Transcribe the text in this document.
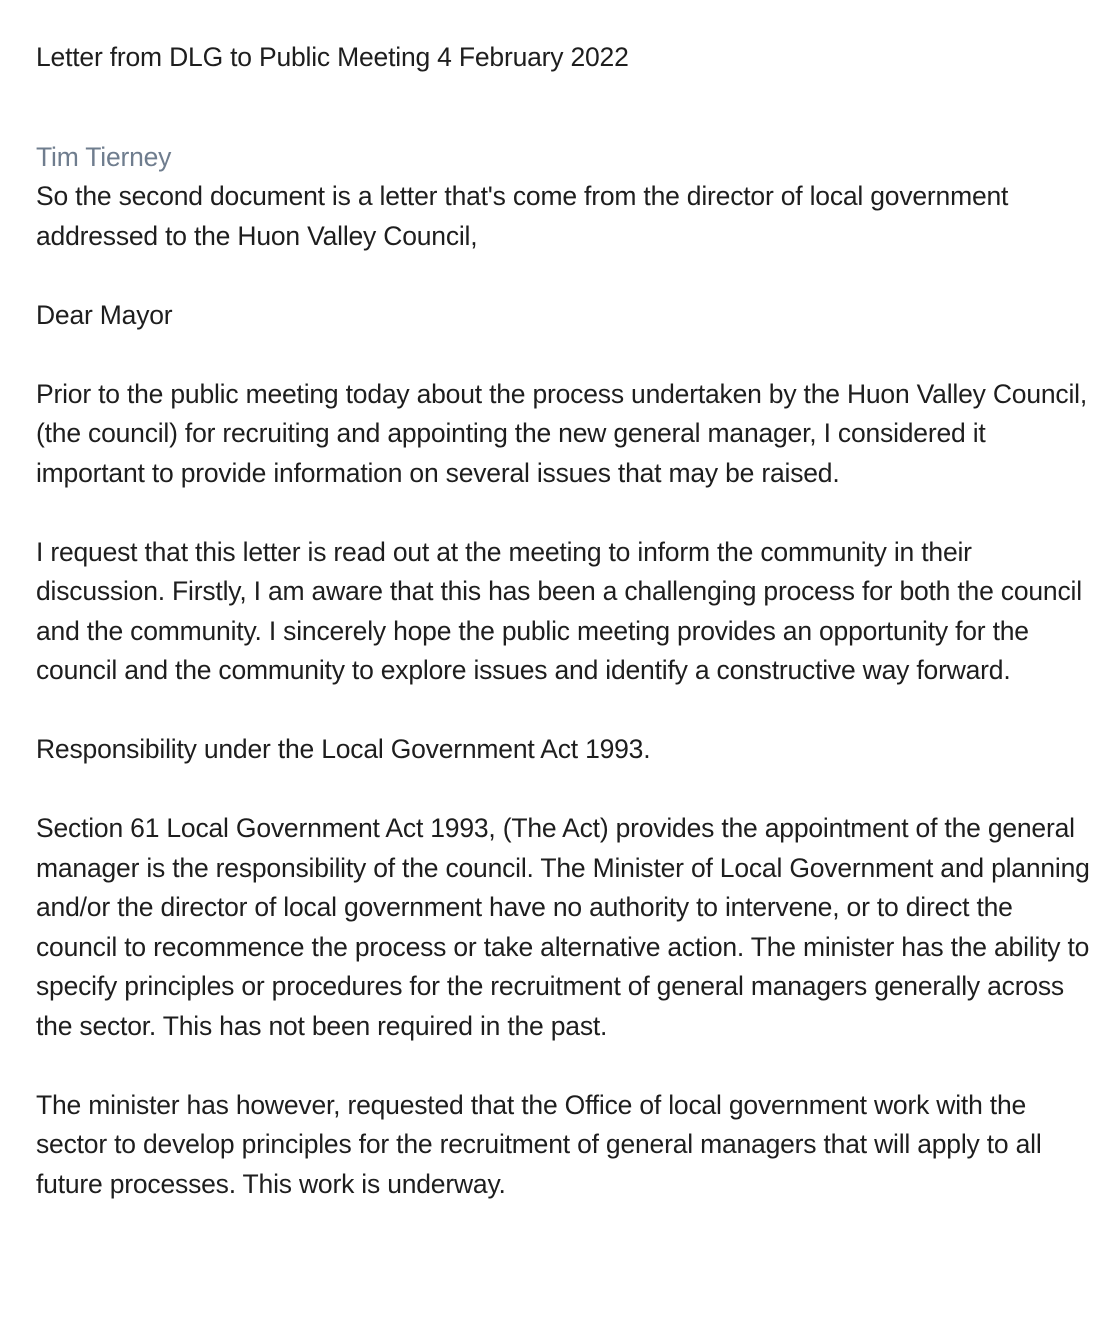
Letter from DLG to Public Meeting 4 February 2022
Tim Tierney

So the second document is a letter that's come from the director of local government addressed to the Huon Valley Council,

Dear Mayor

Prior to the public meeting today about the process undertaken by the Huon Valley Council, (the council) for recruiting and appointing the new general manager, I considered it important to provide information on several issues that may be raised.

I request that this letter is read out at the meeting to inform the community in their discussion. Firstly, I am aware that this has been a challenging process for both the council and the community. I sincerely hope the public meeting provides an opportunity for the council and the community to explore issues and identify a constructive way forward.

Responsibility under the Local Government Act 1993.

Section 61 Local Government Act 1993, (The Act) provides the appointment of the general manager is the responsibility of the council. The Minister of Local Government and planning and/or the director of local government have no authority to intervene, or to direct the council to recommence the process or take alternative action. The minister has the ability to specify principles or procedures for the recruitment of general managers generally across the sector. This has not been required in the past.

The minister has however, requested that the Office of local government work with the sector to develop principles for the recruitment of general managers that will apply to all future processes. This work is underway.
